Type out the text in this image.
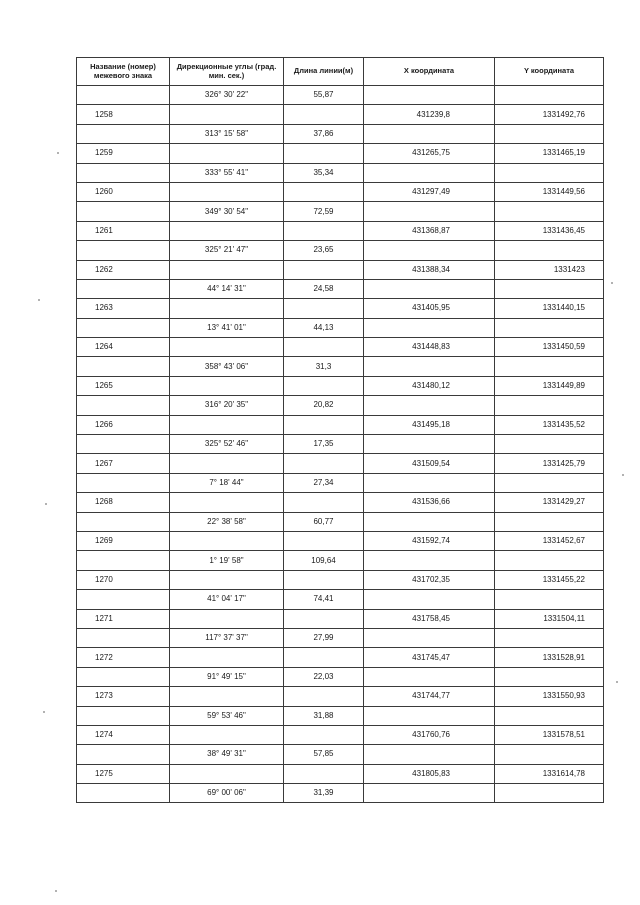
Название (номер) межевого знака	Дирекционные углы (град. мин. сек.)	Длина линии(м)	X координата	Y координата
	326° 30' 22"	55,87		
1258			431239,8	1331492,76
	313° 15' 58"	37,86		
1259			431265,75	1331465,19
	333° 55' 41"	35,34		
1260			431297,49	1331449,56
	349° 30' 54"	72,59		
1261			431368,87	1331436,45
	325° 21' 47"	23,65		
1262			431388,34	1331423
	44° 14' 31"	24,58		
1263			431405,95	1331440,15
	13° 41' 01"	44,13		
1264			431448,83	1331450,59
	358° 43' 06"	31,3		
1265			431480,12	1331449,89
	316° 20' 35"	20,82		
1266			431495,18	1331435,52
	325° 52' 46"	17,35		
1267			431509,54	1331425,79
	7° 18' 44"	27,34		
1268			431536,66	1331429,27
	22° 38' 58"	60,77		
1269			431592,74	1331452,67
	1° 19' 58"	109,64		
1270			431702,35	1331455,22
	41° 04' 17"	74,41		
1271			431758,45	1331504,11
	117° 37' 37"	27,99		
1272			431745,47	1331528,91
	91° 49' 15"	22,03		
1273			431744,77	1331550,93
	59° 53' 46"	31,88		
1274			431760,76	1331578,51
	38° 49' 31"	57,85		
1275			431805,83	1331614,78
	69° 00' 06"	31,39		
